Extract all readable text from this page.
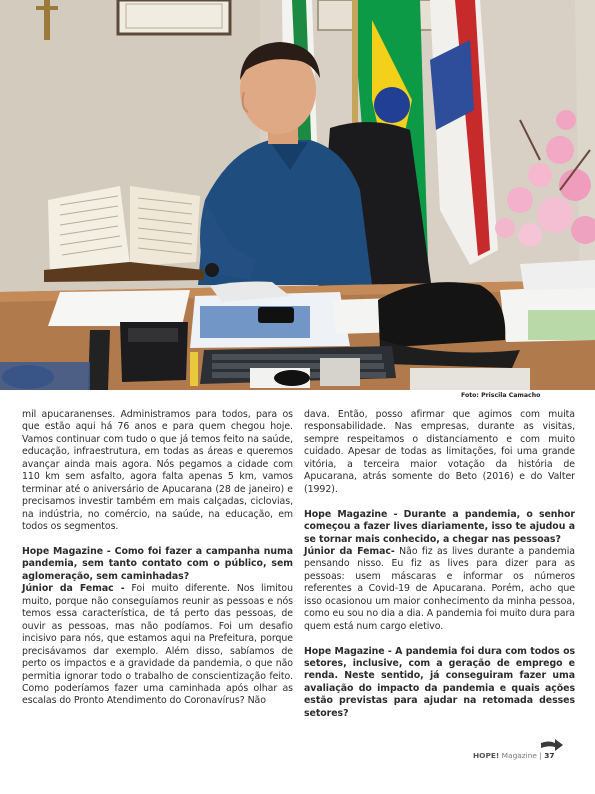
Foto: Priscila Camacho

mil apucaranenses. Administramos para todos, para os que estão aqui há 76 anos e para quem chegou hoje. Vamos continuar com tudo o que já temos feito na saúde, educação, infraestrutura, em todas as áreas e queremos avançar ainda mais agora. Nós pegamos a cidade com 110 km sem asfalto, agora falta apenas 5 km, vamos terminar até o aniversário de Apucarana (28 de janeiro) e precisamos investir também em mais calçadas, ciclovias, na indústria, no comércio, na saúde, na educação, em todos os segmentos.

Hope Magazine - Como foi fazer a campanha numa pandemia, sem tanto contato com o público, sem aglomeração, sem caminhadas?

Júnior da Femac - Foi muito diferente. Nos limitou muito, porque não conseguíamos reunir as pessoas e nós temos essa característica, de tá perto das pessoas, de ouvir as pessoas, mas não podíamos. Foi um desafio incisivo para nós, que estamos aqui na Prefeitura, porque precisávamos dar exemplo. Além disso, sabíamos de perto os impactos e a gravidade da pandemia, o que não permitia ignorar todo o trabalho de conscientização feito. Como poderíamos fazer uma caminhada após olhar as escalas do Pronto Atendimento do Coronavírus? Não

dava. Então, posso afirmar que agimos com muita responsabilidade. Nas empresas, durante as visitas, sempre respeitamos o distanciamento e com muito cuidado. Apesar de todas as limitações, foi uma grande vitória, a terceira maior votação da história de Apucarana, atrás somente do Beto (2016) e do Valter (1992).

Hope Magazine - Durante a pandemia, o senhor começou a fazer lives diariamente, isso te ajudou a se tornar mais conhecido, a chegar nas pessoas?

Júnior da Femac- Não fiz as lives durante a pandemia pensando nisso. Eu fiz as lives para dizer para as pessoas: usem máscaras e informar os números referentes a Covid-19 de Apucarana. Porém, acho que isso ocasionou um maior conhecimento da minha pessoa, como eu sou no dia a dia. A pandemia foi muito dura para quem está num cargo eletivo.

Hope Magazine - A pandemia foi dura com todos os setores, inclusive, com a geração de emprego e renda. Neste sentido, já conseguiram fazer uma avaliação do impacto da pandemia e quais ações estão previstas para ajudar na retomada desses setores?

HOPE! Magazine | 37
